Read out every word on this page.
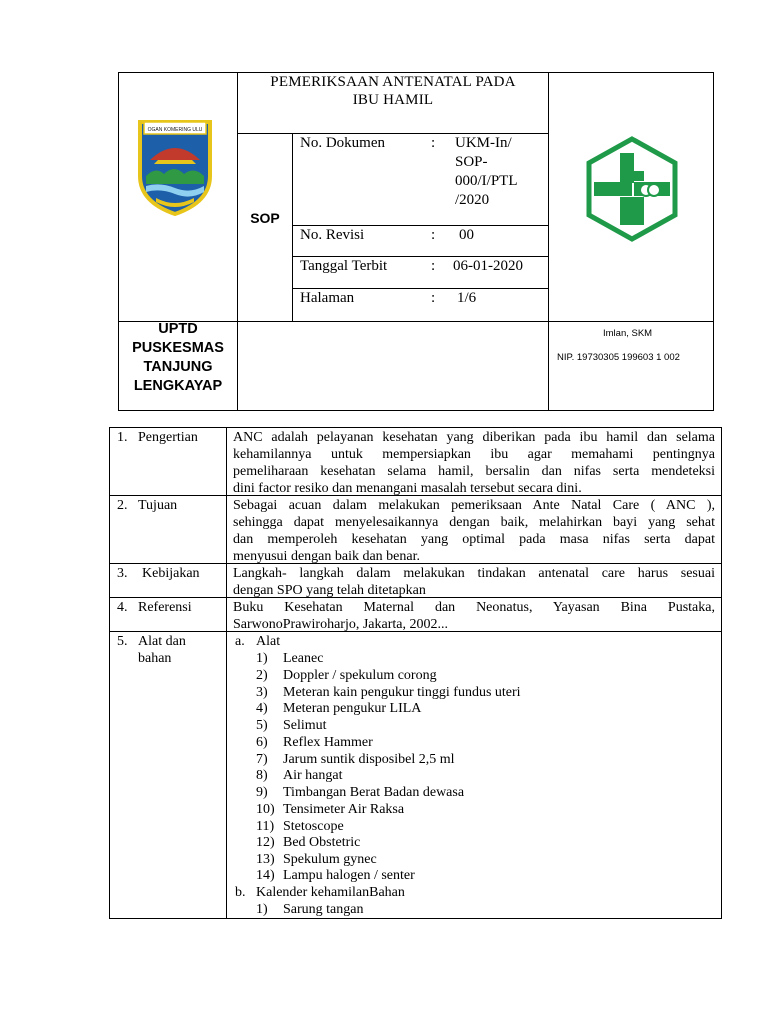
OGAN KOMERING ULU
PEMERIKSAAN ANTENATAL PADA
IBU HAMIL
SOP
No. Dokumen	: UKM-In/
SOP-
000/I/PTL
/2020
No. Revisi	: 00
Tanggal Terbit	: 06-01-2020
Halaman	: 1/6
UPTD
PUSKESMAS
TANJUNG
LENGKAYAP
Imlan, SKM
NIP. 19730305 199603 1 002
1. Pengertian	ANC adalah pelayanan kesehatan yang diberikan pada ibu hamil dan selama
kehamilannya untuk mempersiapkan ibu agar memahami pentingnya
pemeliharaan kesehatan selama hamil, bersalin dan nifas serta mendeteksi
dini factor resiko dan menangani masalah tersebut secara dini.
2. Tujuan	Sebagai acuan dalam melakukan pemeriksaan Ante Natal Care ( ANC ),
sehingga dapat menyelesaikannya dengan baik, melahirkan bayi yang sehat
dan memperoleh kesehatan yang optimal pada masa nifas serta dapat
menyusui dengan baik dan benar.
3. Kebijakan Langkah- langkah dalam melakukan tindakan antenatal care harus sesuai
dengan SPO yang telah ditetapkan
4. Referensi	Buku Kesehatan Maternal dan Neonatus, Yayasan Bina Pustaka,
SarwonoPrawiroharjo, Jakarta, 2002...
5. Alat dan
bahan
a. Alat
1) Leanec
2) Doppler / spekulum corong
3) Meteran kain pengukur tinggi fundus uteri
4) Meteran pengukur LILA
5) Selimut
6) Reflex Hammer
7) Jarum suntik disposibel 2,5 ml
8) Air hangat
9) Timbangan Berat Badan dewasa
10) Tensimeter Air Raksa
11) Stetoscope
12) Bed Obstetric
13) Spekulum gynec
14) Lampu halogen / senter
b. Kalender kehamilanBahan
1) Sarung tangan
